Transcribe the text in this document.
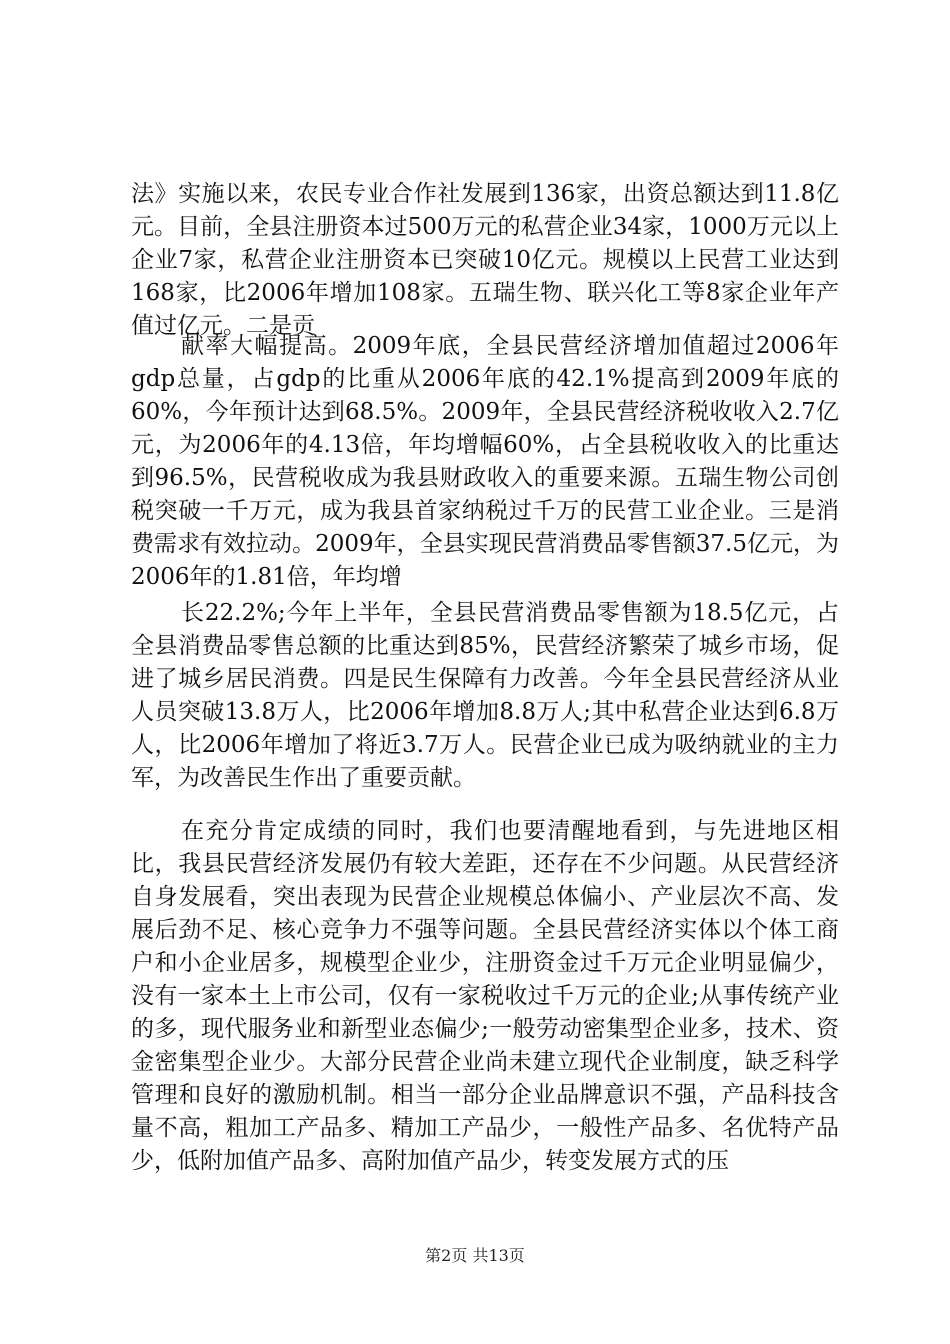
法》实施以来，农民专业合作社发展到136家，出资总额达到11.8亿元。目前，全县注册资本过500万元的私营企业34家，1000万元以上企业7家，私营企业注册资本已突破10亿元。规模以上民营工业达到168家，比2006年增加108家。五瑞生物、联兴化工等8家企业年产值过亿元。二是贡

献率大幅提高。2009年底，全县民营经济增加值超过2006年gdp总量，占gdp的比重从2006年底的42.1%提高到2009年底的60%，今年预计达到68.5%。2009年，全县民营经济税收收入2.7亿元，为2006年的4.13倍，年均增幅60%，占全县税收收入的比重达到96.5%，民营税收成为我县财政收入的重要来源。五瑞生物公司创税突破一千万元，成为我县首家纳税过千万的民营工业企业。三是消费需求有效拉动。2009年，全县实现民营消费品零售额37.5亿元，为2006年的1.81倍，年均增

长22.2%;今年上半年，全县民营消费品零售额为18.5亿元，占全县消费品零售总额的比重达到85%，民营经济繁荣了城乡市场，促进了城乡居民消费。四是民生保障有力改善。今年全县民营经济从业人员突破13.8万人，比2006年增加8.8万人;其中私营企业达到6.8万人，比2006年增加了将近3.7万人。民营企业已成为吸纳就业的主力军，为改善民生作出了重要贡献。

在充分肯定成绩的同时，我们也要清醒地看到，与先进地区相比，我县民营经济发展仍有较大差距，还存在不少问题。从民营经济自身发展看，突出表现为民营企业规模总体偏小、产业层次不高、发展后劲不足、核心竞争力不强等问题。全县民营经济实体以个体工商户和小企业居多，规模型企业少，注册资金过千万元企业明显偏少，没有一家本土上市公司，仅有一家税收过千万元的企业;从事传统产业的多，现代服务业和新型业态偏少;一般劳动密集型企业多，技术、资金密集型企业少。大部分民营企业尚未建立现代企业制度，缺乏科学管理和良好的激励机制。相当一部分企业品牌意识不强，产品科技含量不高，粗加工产品多、精加工产品少，一般性产品多、名优特产品少，低附加值产品多、高附加值产品少，转变发展方式的压

第2页 共13页
